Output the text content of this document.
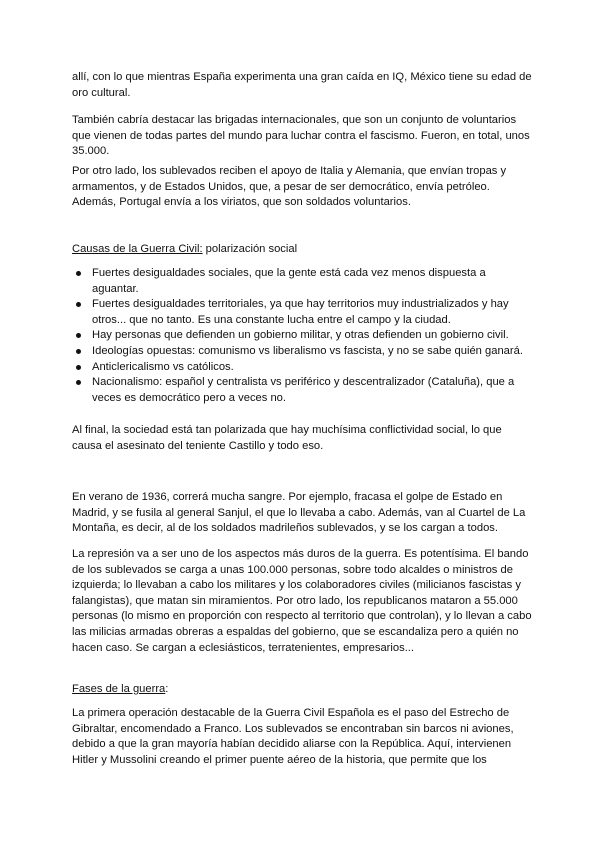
allí, con lo que mientras España experimenta una gran caída en IQ, México tiene su edad de oro cultural.

También cabría destacar las brigadas internacionales, que son un conjunto de voluntarios que vienen de todas partes del mundo para luchar contra el fascismo. Fueron, en total, unos 35.000.

Por otro lado, los sublevados reciben el apoyo de Italia y Alemania, que envían tropas y armamentos, y de Estados Unidos, que, a pesar de ser democrático, envía petróleo. Además, Portugal envía a los viriatos, que son soldados voluntarios.

Causas de la Guerra Civil: polarización social

Fuertes desigualdades sociales, que la gente está cada vez menos dispuesta a aguantar.
Fuertes desigualdades territoriales, ya que hay territorios muy industrializados y hay otros... que no tanto. Es una constante lucha entre el campo y la ciudad.
Hay personas que defienden un gobierno militar, y otras defienden un gobierno civil.
Ideologías opuestas: comunismo vs liberalismo vs fascista, y no se sabe quién ganará.
Anticlericalismo vs católicos.
Nacionalismo: español y centralista vs periférico y descentralizador (Cataluña), que a veces es democrático pero a veces no.

Al final, la sociedad está tan polarizada que hay muchísima conflictividad social, lo que causa el asesinato del teniente Castillo y todo eso.

En verano de 1936, correrá mucha sangre. Por ejemplo, fracasa el golpe de Estado en Madrid, y se fusila al general Sanjul, el que lo llevaba a cabo. Además, van al Cuartel de La Montaña, es decir, al de los soldados madrileños sublevados, y se los cargan a todos.

La represión va a ser uno de los aspectos más duros de la guerra. Es potentísima. El bando de los sublevados se carga a unas 100.000 personas, sobre todo alcaldes o ministros de izquierda; lo llevaban a cabo los militares y los colaboradores civiles (milicianos fascistas y falangistas), que matan sin miramientos. Por otro lado, los republicanos mataron a 55.000 personas (lo mismo en proporción con respecto al territorio que controlan), y lo llevan a cabo las milicias armadas obreras a espaldas del gobierno, que se escandaliza pero a quién no hacen caso. Se cargan a eclesiásticos, terratenientes, empresarios...

Fases de la guerra:

La primera operación destacable de la Guerra Civil Española es el paso del Estrecho de Gibraltar, encomendado a Franco. Los sublevados se encontraban sin barcos ni aviones, debido a que la gran mayoría habían decidido aliarse con la República. Aquí, intervienen Hitler y Mussolini creando el primer puente aéreo de la historia, que permite que los
